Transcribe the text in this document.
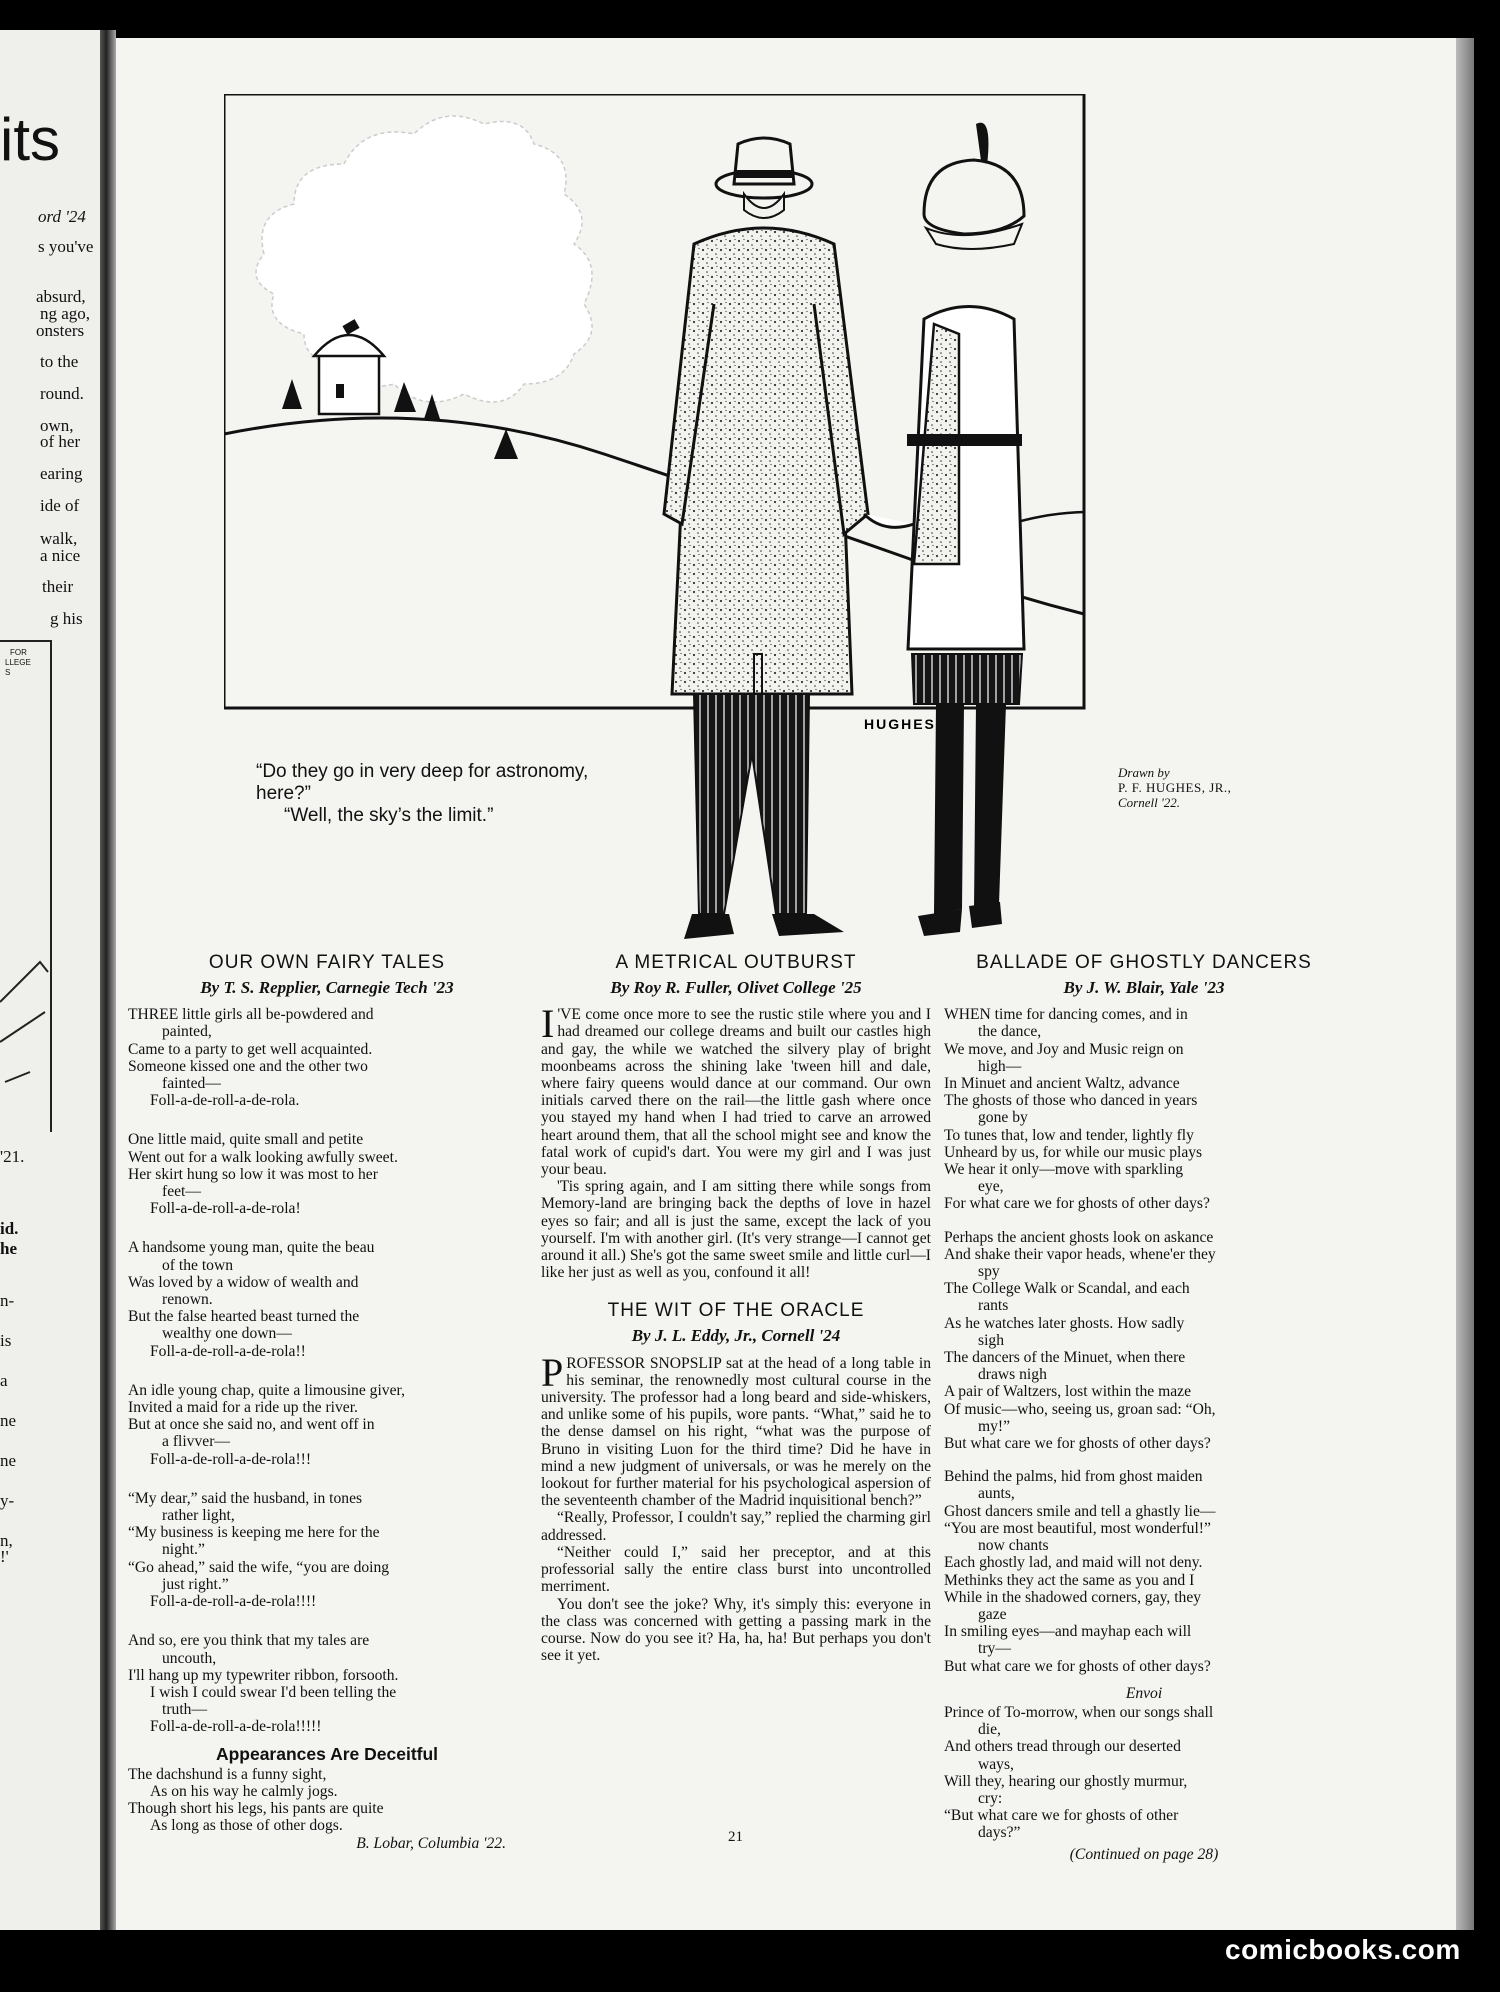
its
ord '24
s you've
absurd,
ng ago,
onsters
to the
round.
own,
of her
earing
ide of
walk,
a nice
their
g his
FOR
LLEGE
S
'21.
id.
he
n-
is
a
ne
ne
y-
n,
!'
HUGHES

“Do they go in very deep for astronomy,

here?”

“Well, the sky’s the limit.”

Drawn by
P. F. HUGHES, JR.,
Cornell '22.
OUR OWN FAIRY TALES
By T. S. Repplier, Carnegie Tech '23

THREE little girls all be-powdered and

painted,

Came to a party to get well acquainted.

Someone kissed one and the other two

fainted—

Foll-a-de-roll-a-de-rola.

One little maid, quite small and petite

Went out for a walk looking awfully sweet.

Her skirt hung so low it was most to her

feet—

Foll-a-de-roll-a-de-rola!

A handsome young man, quite the beau

of the town

Was loved by a widow of wealth and

renown.

But the false hearted beast turned the

wealthy one down—

Foll-a-de-roll-a-de-rola!!

An idle young chap, quite a limousine giver,

Invited a maid for a ride up the river.

But at once she said no, and went off in

a flivver—

Foll-a-de-roll-a-de-rola!!!

“My dear,” said the husband, in tones

rather light,

“My business is keeping me here for the

night.”

“Go ahead,” said the wife, “you are doing

just right.”

Foll-a-de-roll-a-de-rola!!!!

And so, ere you think that my tales are

uncouth,

I'll hang up my typewriter ribbon, forsooth.

I wish I could swear I'd been telling the

truth—

Foll-a-de-roll-a-de-rola!!!!!

Appearances Are Deceitful

The dachshund is a funny sight,

As on his way he calmly jogs.

Though short his legs, his pants are quite

As long as those of other dogs.

B. Lobar, Columbia '22.

A METRICAL OUTBURST
By Roy R. Fuller, Olivet College '25

I 'VE come once more to see the rustic stile where you and I had dreamed our college dreams and built our castles high and gay, the while we watched the silvery play of bright moonbeams across the shining lake 'tween hill and dale, where fairy queens would dance at our command. Our own initials carved there on the rail—the little gash where once you stayed my hand when I had tried to carve an arrowed heart around them, that all the school might see and know the fatal work of cupid's dart. You were my girl and I was just your beau.

'Tis spring again, and I am sitting there while songs from Memory-land are bringing back the depths of love in hazel eyes so fair; and all is just the same, except the lack of you yourself. I'm with another girl. (It's very strange—I cannot get around it all.) She's got the same sweet smile and little curl—I like her just as well as you, confound it all!

THE WIT OF THE ORACLE
By J. L. Eddy, Jr., Cornell '24

PROFESSOR SNOPSLIP sat at the head of a long table in his seminar, the renownedly most cultural course in the university. The professor had a long beard and side-whiskers, and unlike some of his pupils, wore pants. “What,” said he to the dense damsel on his right, “what was the purpose of Bruno in visiting Luon for the third time? Did he have in mind a new judgment of universals, or was he merely on the lookout for further material for his psychological aspersion of the seventeenth chamber of the Madrid inquisitional bench?”

“Really, Professor, I couldn't say,” replied the charming girl addressed.

“Neither could I,” said her preceptor, and at this professorial sally the entire class burst into uncontrolled merriment.

You don't see the joke? Why, it's simply this: everyone in the class was concerned with getting a passing mark in the course. Now do you see it? Ha, ha, ha! But perhaps you don't see it yet.

BALLADE OF GHOSTLY DANCERS
By J. W. Blair, Yale '23

WHEN time for dancing comes, and in

the dance,

We move, and Joy and Music reign on

high—

In Minuet and ancient Waltz, advance

The ghosts of those who danced in years

gone by

To tunes that, low and tender, lightly fly

Unheard by us, for while our music plays

We hear it only—move with sparkling

eye,

For what care we for ghosts of other days?

Perhaps the ancient ghosts look on askance

And shake their vapor heads, whene'er they

spy

The College Walk or Scandal, and each

rants

As he watches later ghosts. How sadly

sigh

The dancers of the Minuet, when there

draws nigh

A pair of Waltzers, lost within the maze

Of music—who, seeing us, groan sad: “Oh,

my!”

But what care we for ghosts of other days?

Behind the palms, hid from ghost maiden

aunts,

Ghost dancers smile and tell a ghastly lie—

“You are most beautiful, most wonderful!”

now chants

Each ghostly lad, and maid will not deny.

Methinks they act the same as you and I

While in the shadowed corners, gay, they

gaze

In smiling eyes—and mayhap each will

try—

But what care we for ghosts of other days?

Envoi

Prince of To-morrow, when our songs shall

die,

And others tread through our deserted

ways,

Will they, hearing our ghostly murmur,

cry:

“But what care we for ghosts of other

days?”

(Continued on page 28)
21
comicbooks.com
